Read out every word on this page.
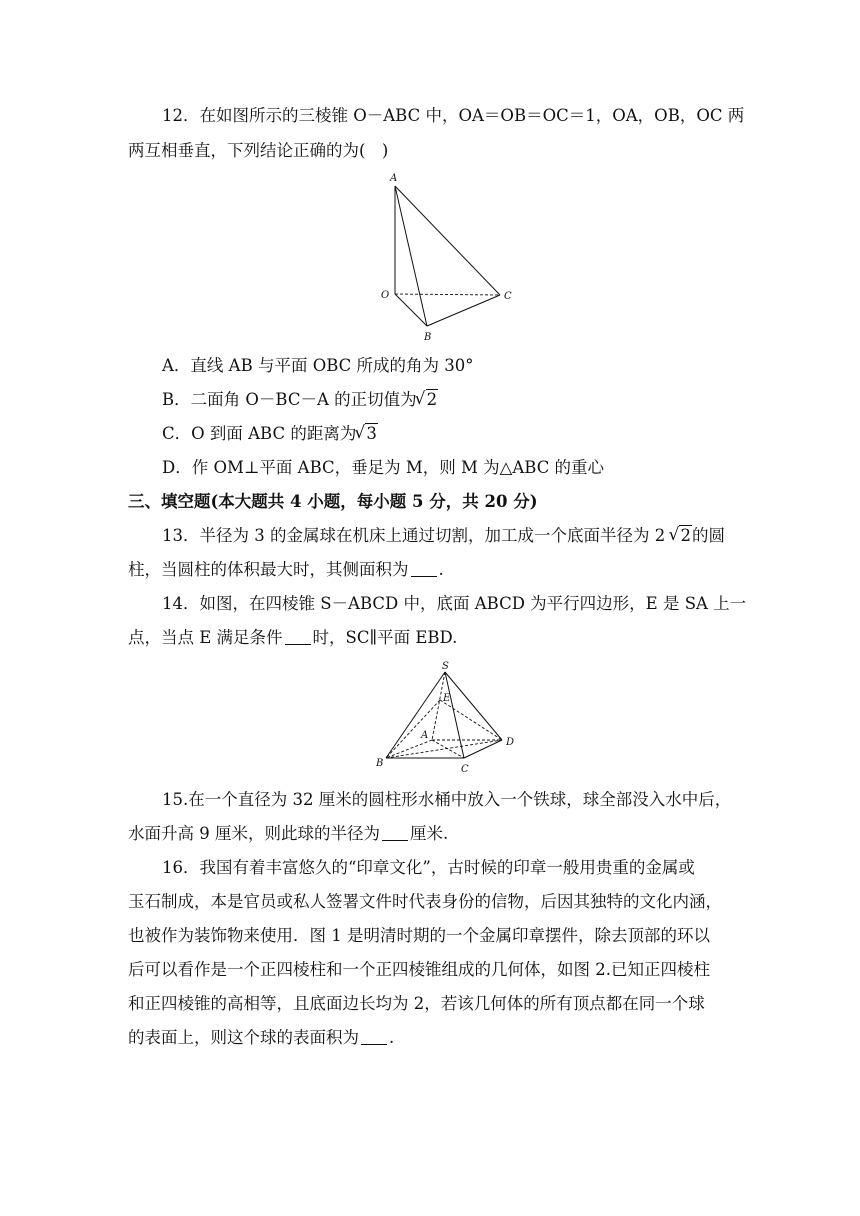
12．在如图所示的三棱锥 O－ABC 中，OA＝OB＝OC＝1，OA，OB，OC 两
两互相垂直，下列结论正确的为(　)
A
O
B
C
A．直线 AB 与平面 OBC 所成的角为 30°
B．二面角 O－BC－A 的正切值为 √ 2
C．O 到面 ABC 的距离为 √ 3
D．作 OM⊥平面 ABC，垂足为 M，则 M 为△ABC 的重心
三、填空题(本大题共 4 小题，每小题 5 分，共 20 分)
13．半径为 3 的金属球在机床上通过切割，加工成一个底面半径为 2 √ 2的圆
柱，当圆柱的体积最大时，其侧面积为 .
14．如图，在四棱锥 S－ABCD 中，底面 ABCD 为平行四边形，E 是 SA 上一
点，当点 E 满足条件 时，SC∥平面 EBD.
S
E
A
B
C
D
15.在一个直径为 32 厘米的圆柱形水桶中放入一个铁球，球全部没入水中后，
水面升高 9 厘米，则此球的半径为 厘米.
16．我国有着丰富悠久的“印章文化”，古时候的印章一般用贵重的金属或
玉石制成，本是官员或私人签署文件时代表身份的信物，后因其独特的文化内涵，
也被作为装饰物来使用．图 1 是明清时期的一个金属印章摆件，除去顶部的环以
后可以看作是一个正四棱柱和一个正四棱锥组成的几何体，如图 2.已知正四棱柱
和正四棱锥的高相等，且底面边长均为 2，若该几何体的所有顶点都在同一个球
的表面上，则这个球的表面积为 .
